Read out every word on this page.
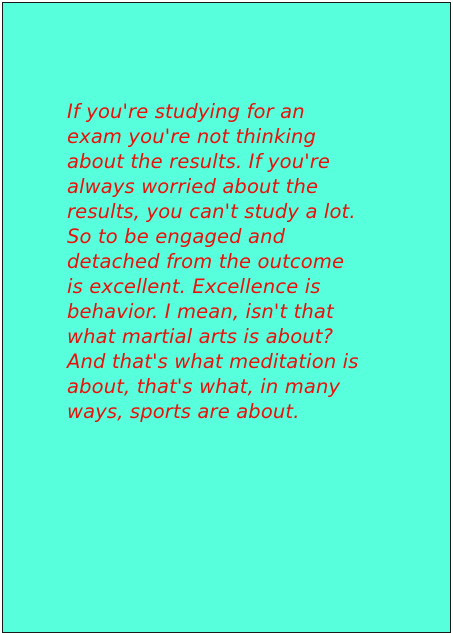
If you're studying for an
exam you're not thinking
about the results. If you're
always worried about the
results, you can't study a lot.
So to be engaged and
detached from the outcome
is excellent. Excellence is
behavior. I mean, isn't that
what martial arts is about?
And that's what meditation is
about, that's what, in many
ways, sports are about.
